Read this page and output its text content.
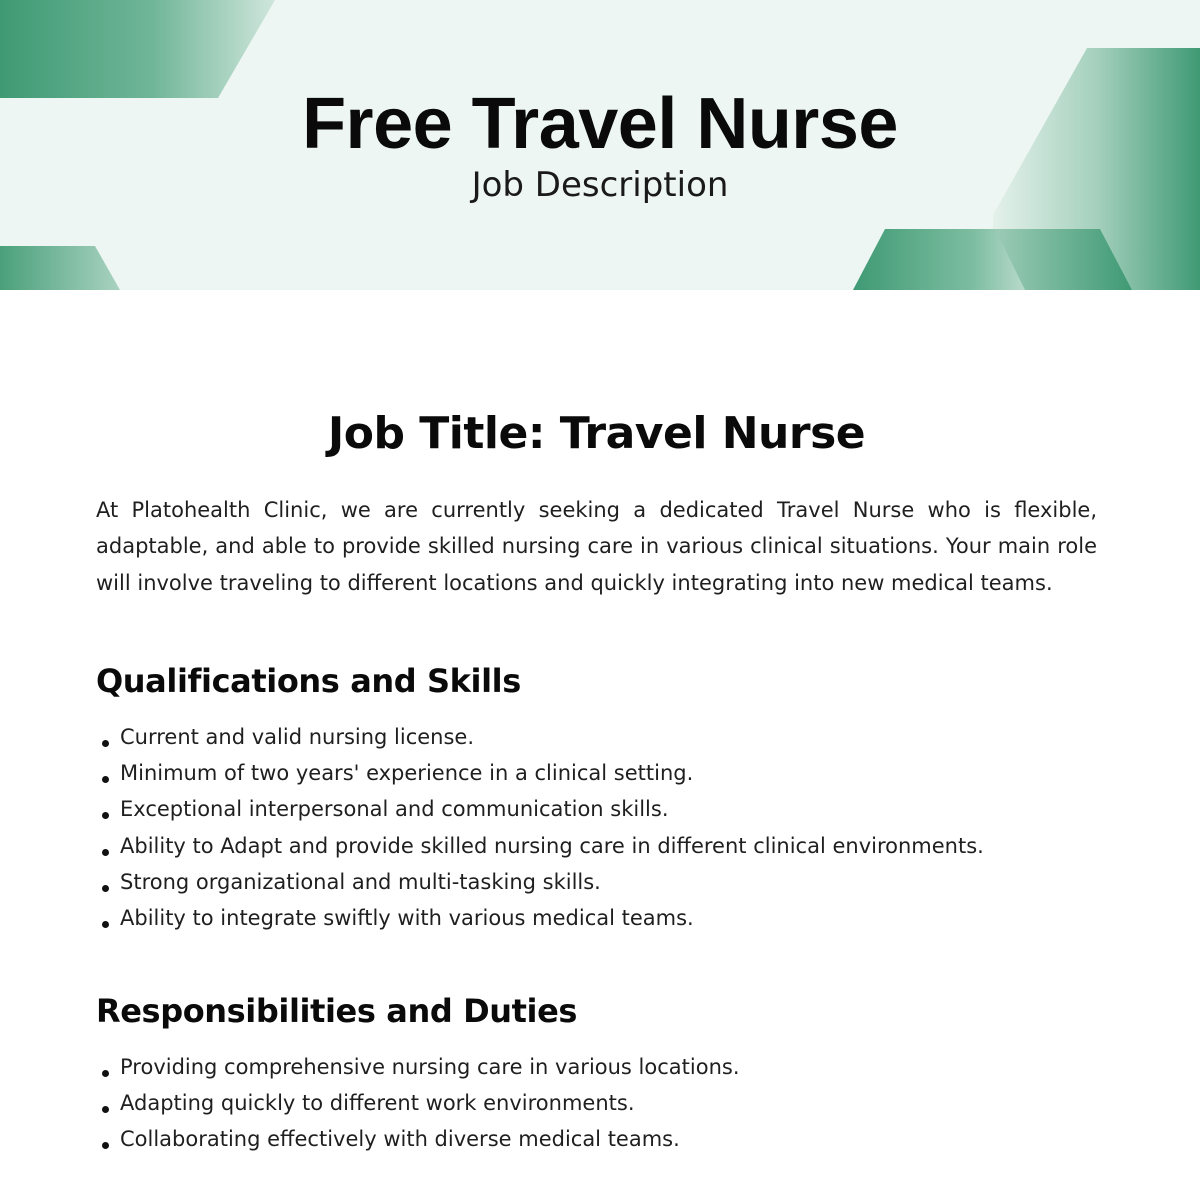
Free Travel Nurse
Job Description
Job Title: Travel Nurse

At Platohealth Clinic, we are currently seeking a dedicated Travel Nurse who is flexible, adaptable, and able to provide skilled nursing care in various clinical situations. Your main role will involve traveling to different locations and quickly integrating into new medical teams.

Qualifications and Skills
Current and valid nursing license.
Minimum of two years' experience in a clinical setting.
Exceptional interpersonal and communication skills.
Ability to Adapt and provide skilled nursing care in different clinical environments.
Strong organizational and multi-tasking skills.
Ability to integrate swiftly with various medical teams.
Responsibilities and Duties
Providing comprehensive nursing care in various locations.
Adapting quickly to different work environments.
Collaborating effectively with diverse medical teams.
